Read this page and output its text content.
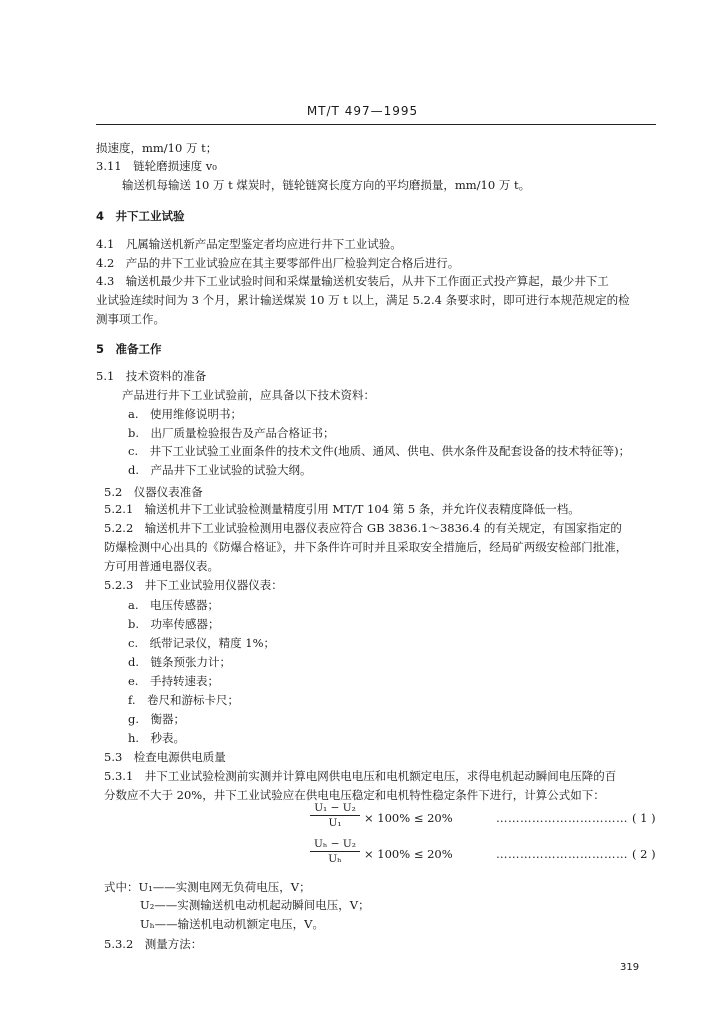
MT/T 497—1995
损速度，mm/10 万 t；
3.11　链轮磨损速度 v₀
输送机每输送 10 万 t 煤炭时，链轮链窝长度方向的平均磨损量，mm/10 万 t。
4　井下工业试验
4.1　凡属输送机新产品定型鉴定者均应进行井下工业试验。
4.2　产品的井下工业试验应在其主要零部件出厂检验判定合格后进行。
4.3　输送机最少井下工业试验时间和采煤量输送机安装后，从井下工作面正式投产算起，最少井下工
业试验连续时间为 3 个月，累计输送煤炭 10 万 t 以上，满足 5.2.4 条要求时，即可进行本规范规定的检
测事项工作。
5　准备工作
5.1　技术资料的准备
产品进行井下工业试验前，应具备以下技术资料：
a.　使用维修说明书；
b.　出厂质量检验报告及产品合格证书；
c.　井下工业试验工业面条件的技术文件(地质、通风、供电、供水条件及配套设备的技术特征等)；
d.　产品井下工业试验的试验大纲。
5.2　仪器仪表准备
5.2.1　输送机井下工业试验检测量精度引用 MT/T 104 第 5 条，并允许仪表精度降低一档。
5.2.2　输送机井下工业试验检测用电器仪表应符合 GB 3836.1～3836.4 的有关规定，有国家指定的
防爆检测中心出具的《防爆合格证》，井下条件许可时并且采取安全措施后，经局矿两级安检部门批准，
方可用普通电器仪表。
5.2.3　井下工业试验用仪器仪表：
a.　电压传感器；
b.　功率传感器；
c.　纸带记录仪，精度 1%；
d.　链条预张力计；
e.　手持转速表；
f.　卷尺和游标卡尺；
g.　衡器；
h.　秒表。
5.3　检查电源供电质量
5.3.1　井下工业试验检测前实测并计算电网供电电压和电机额定电压，求得电机起动瞬间电压降的百
分数应不大于 20%，井下工业试验应在供电电压稳定和电机特性稳定条件下进行，计算公式如下：
$\frac{\text{U₁ − U₂}}{\text{U₁}} \times 100\% \le 20\%$	…………………………… ( 1 )
$\frac{\text{Uₕ − U₂}}{\text{Uₕ}} \times 100\% \le 20\%$	…………………………… ( 2 )
式中：U₁——实测电网无负荷电压，V；
U₂——实测输送机电动机起动瞬间电压，V；
Uₕ——输送机电动机额定电压，V。
5.3.2　测量方法：
319
